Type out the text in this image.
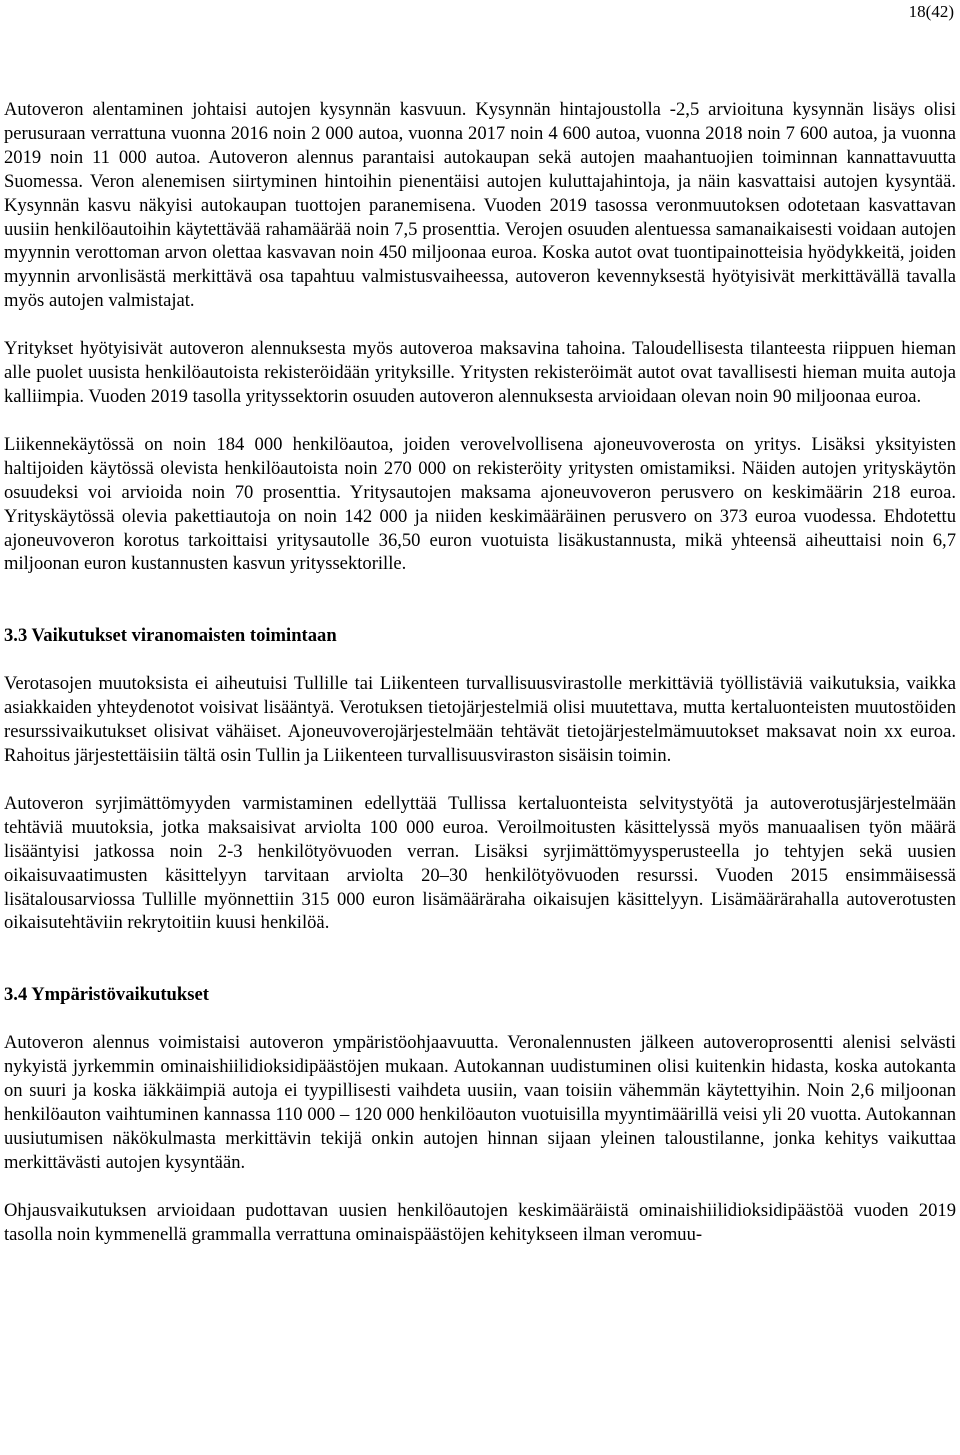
18(42)

Autoveron alentaminen johtaisi autojen kysynnän kasvuun. Kysynnän hintajoustolla -2,5 arvioituna kysynnän lisäys olisi perusuraan verrattuna vuonna 2016 noin 2 000 autoa, vuonna 2017 noin 4 600 autoa, vuonna 2018 noin 7 600 autoa, ja vuonna 2019 noin 11 000 autoa. Autoveron alennus parantaisi autokaupan sekä autojen maahantuojien toiminnan kannattavuutta Suomessa. Veron alenemisen siirtyminen hintoihin pienentäisi autojen kuluttajahintoja, ja näin kasvattaisi autojen kysyntää. Kysynnän kasvu näkyisi autokaupan tuottojen paranemisena. Vuoden 2019 tasossa veronmuutoksen odotetaan kasvattavan uusiin henkilöautoihin käytettävää rahamäärää noin 7,5 prosenttia. Verojen osuuden alentuessa samanaikaisesti voidaan autojen myynnin verottoman arvon olettaa kasvavan noin 450 miljoonaa euroa. Koska autot ovat tuontipainotteisia hyödykkeitä, joiden myynnin arvonlisästä merkittävä osa tapahtuu valmistusvaiheessa, autoveron kevennyksestä hyötyisivät merkittävällä tavalla myös autojen valmistajat.

Yritykset hyötyisivät autoveron alennuksesta myös autoveroa maksavina tahoina. Taloudellisesta tilanteesta riippuen hieman alle puolet uusista henkilöautoista rekisteröidään yrityksille. Yritysten rekisteröimät autot ovat tavallisesti hieman muita autoja kalliimpia. Vuoden 2019 tasolla yrityssektorin osuuden autoveron alennuksesta arvioidaan olevan noin 90 miljoonaa euroa.

Liikennekäytössä on noin 184 000 henkilöautoa, joiden verovelvollisena ajoneuvoverosta on yritys. Lisäksi yksityisten haltijoiden käytössä olevista henkilöautoista noin 270 000 on rekisteröity yritysten omistamiksi. Näiden autojen yrityskäytön osuudeksi voi arvioida noin 70 prosenttia. Yritysautojen maksama ajoneuvoveron perusvero on keskimäärin 218 euroa. Yrityskäytössä olevia pakettiautoja on noin 142 000 ja niiden keskimääräinen perusvero on 373 euroa vuodessa. Ehdotettu ajoneuvoveron korotus tarkoittaisi yritysautolle 36,50 euron vuotuista lisäkustannusta, mikä yhteensä aiheuttaisi noin 6,7 miljoonan euron kustannusten kasvun yrityssektorille.

3.3 Vaikutukset viranomaisten toimintaan

Verotasojen muutoksista ei aiheutuisi Tullille tai Liikenteen turvallisuusvirastolle merkittäviä työllistäviä vaikutuksia, vaikka asiakkaiden yhteydenotot voisivat lisääntyä. Verotuksen tietojärjestelmiä olisi muutettava, mutta kertaluonteisten muutostöiden resurssivaikutukset olisivat vähäiset. Ajoneuvoverojärjestelmään tehtävät tietojärjestelmämuutokset maksavat noin xx euroa. Rahoitus järjestettäisiin tältä osin Tullin ja Liikenteen turvallisuusviraston sisäisin toimin.

Autoveron syrjimättömyyden varmistaminen edellyttää Tullissa kertaluonteista selvitystyötä ja autoverotusjärjestelmään tehtäviä muutoksia, jotka maksaisivat arviolta 100 000 euroa. Veroilmoitusten käsittelyssä myös manuaalisen työn määrä lisääntyisi jatkossa noin 2-3 henkilötyövuoden verran. Lisäksi syrjimättömyysperusteella jo tehtyjen sekä uusien oikaisuvaatimusten käsittelyyn tarvitaan arviolta 20–30 henkilötyövuoden resurssi. Vuoden 2015 ensimmäisessä lisätalousarviossa Tullille myönnettiin 315 000 euron lisämääräraha oikaisujen käsittelyyn. Lisämäärärahalla autoverotusten oikaisutehtäviin rekrytoitiin kuusi henkilöä.

3.4 Ympäristövaikutukset

Autoveron alennus voimistaisi autoveron ympäristöohjaavuutta. Veronalennusten jälkeen autoveroprosentti alenisi selvästi nykyistä jyrkemmin ominaishiilidioksidipäästöjen mukaan. Autokannan uudistuminen olisi kuitenkin hidasta, koska autokanta on suuri ja koska iäkkäimpiä autoja ei tyypillisesti vaihdeta uusiin, vaan toisiin vähemmän käytettyihin. Noin 2,6 miljoonan henkilöauton vaihtuminen kannassa 110 000 – 120 000 henkilöauton vuotuisilla myyntimäärillä veisi yli 20 vuotta. Autokannan uusiutumisen näkökulmasta merkittävin tekijä onkin autojen hinnan sijaan yleinen taloustilanne, jonka kehitys vaikuttaa merkittävästi autojen kysyntään.

Ohjausvaikutuksen arvioidaan pudottavan uusien henkilöautojen keskimääräistä ominaishiilidioksidipäästöä vuoden 2019 tasolla noin kymmenellä grammalla verrattuna ominaispäästöjen kehitykseen ilman veromuu-
